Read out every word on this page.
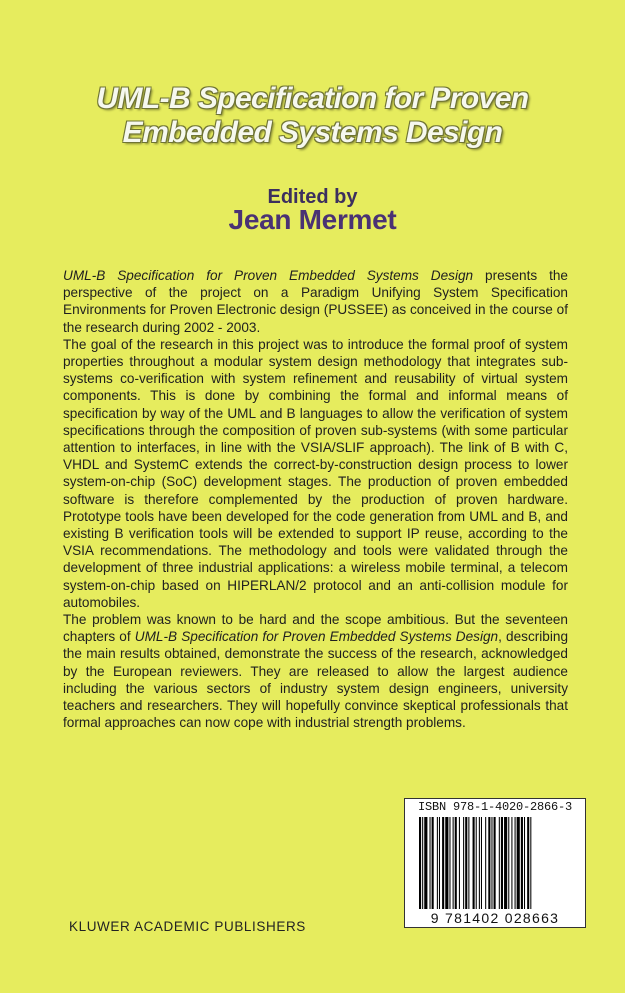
UML-B Specification for Proven
Embedded Systems Design
Edited by
Jean Mermet

UML-B Specification for Proven Embedded Systems Design presents the perspective of the project on a Paradigm Unifying System Specification Environments for Proven Electronic design (PUSSEE) as conceived in the course of the research during 2002 - 2003.

The goal of the research in this project was to introduce the formal proof of system properties throughout a modular system design methodology that integrates sub-systems co-verification with system refinement and reusability of virtual system components. This is done by combining the formal and informal means of specification by way of the UML and B languages to allow the verification of system specifications through the composition of proven sub-systems (with some particular attention to interfaces, in line with the VSIA/SLIF approach). The link of B with C, VHDL and SystemC extends the correct-by-construction design process to lower system-on-chip (SoC) development stages. The production of proven embedded software is therefore complemented by the production of proven hardware. Prototype tools have been developed for the code generation from UML and B, and existing B verification tools will be extended to support IP reuse, according to the VSIA recommendations. The methodology and tools were validated through the development of three industrial applications: a wireless mobile terminal, a telecom system-on-chip based on HIPERLAN/2 protocol and an anti-collision module for automobiles.

The problem was known to be hard and the scope ambitious. But the seventeen chapters of UML-B Specification for Proven Embedded Systems Design, describing the main results obtained, demonstrate the success of the research, acknowledged by the European reviewers. They are released to allow the largest audience including the various sectors of industry system design engineers, university teachers and researchers. They will hopefully convince skeptical professionals that formal approaches can now cope with industrial strength problems.

ISBN 978-1-4020-2866-3
9 781402 028663
KLUWER ACADEMIC PUBLISHERS
